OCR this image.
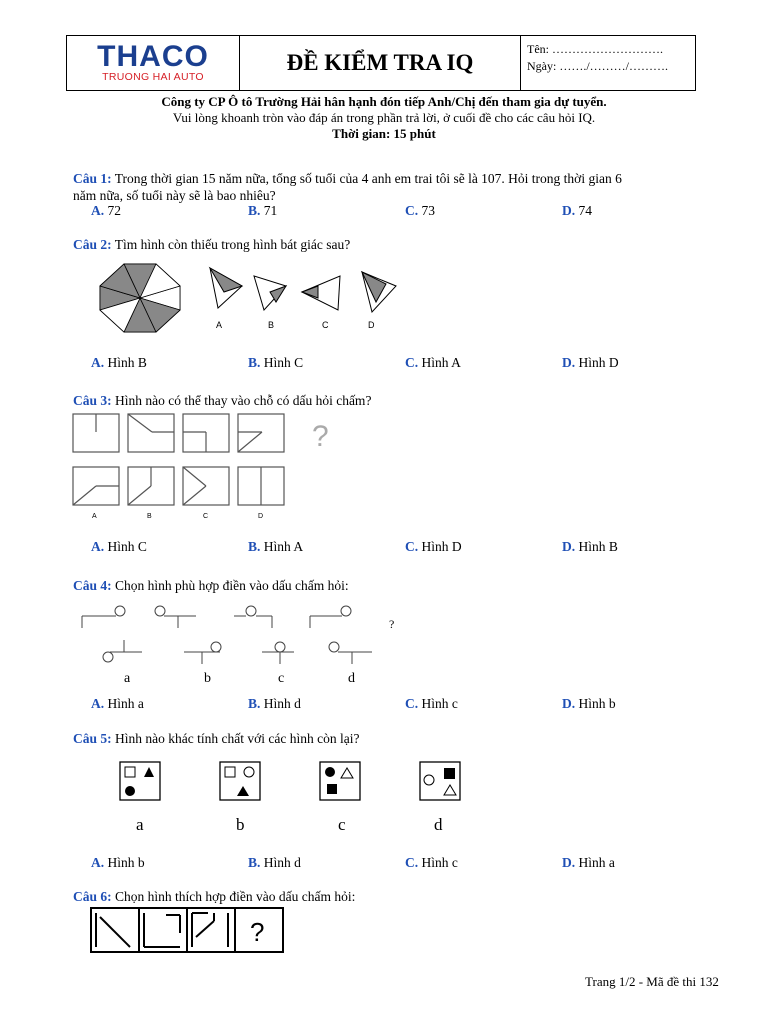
THACO
TRUONG HAI AUTO
ĐỀ KIỂM TRA IQ
Tên: ……………………….
Ngày: ……./………/……….
Công ty CP Ô tô Trường Hải hân hạnh đón tiếp Anh/Chị đến tham gia dự tuyển.
Vui lòng khoanh tròn vào đáp án trong phần trả lời, ở cuối đề cho các câu hỏi IQ.
Thời gian: 15 phút
Câu 1: Trong thời gian 15 năm nữa, tổng số tuổi của 4 anh em trai tôi sẽ là 107. Hỏi trong thời gian 6
năm nữa, số tuổi này sẽ là bao nhiêu?
A. 72	B. 71	C. 73	D. 74
Câu 2: Tìm hình còn thiếu trong hình bát giác sau?
A	B	C	D
A. Hình B	B. Hình C	C. Hình A	D. Hình D
Câu 3: Hình nào có thể thay vào chỗ có dấu hỏi chấm?
?
A	B	C	D
A. Hình C	B. Hình A	C. Hình D	D. Hình B
Câu 4: Chọn hình phù hợp điền vào dấu chấm hỏi:
?
a	b	c	d
A. Hình a	B. Hình d	C. Hình c	D. Hình b
Câu 5: Hình nào khác tính chất với các hình còn lại?
a	b	c	d
A. Hình b	B. Hình d	C. Hình c	D. Hình a
Câu 6: Chọn hình thích hợp điền vào dấu chấm hỏi:
?
Trang 1/2 - Mã đề thi 132
